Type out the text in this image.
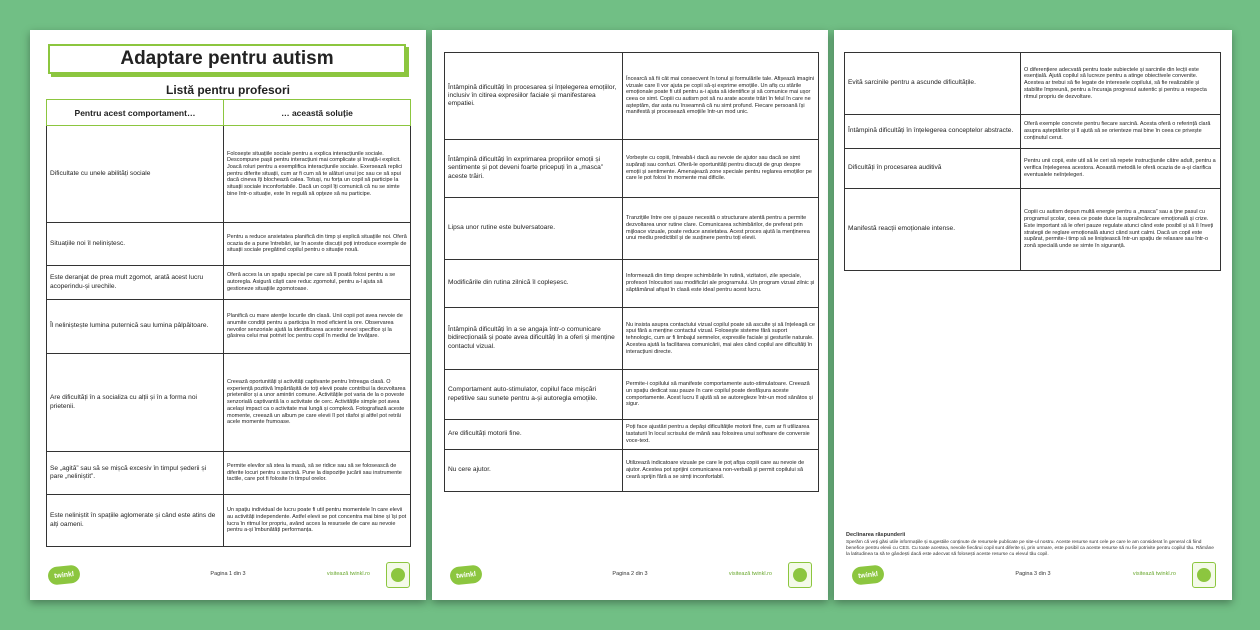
Adaptare pentru autism
Listă pentru profesori
Pentru acest comportament…	… această soluție
Dificultate cu unele abilități sociale	Folosește situațiile sociale pentru a explica interacțiunile sociale. Descompune pașii pentru interacțiuni mai complicate și învață-i explicit. Joacă roluri pentru a exemplifica interacțiunile sociale. Exersează replici pentru diferite situații, cum ar fi cum să te alături unui joc sau ce să spui dacă cineva îți blochează calea. Totuși, nu forța un copil să participe la situații sociale inconfortabile. Dacă un copil îți comunică că nu se simte bine într-o situație, este în regulă să opțeze să nu participe.
Situațiile noi îl neliniștesc.	Pentru a reduce anxietatea planifică din timp și explică situațiile noi. Oferă ocazia de a pune întrebări, iar în aceste discuții poți introduce exemple de situații sociale pregătind copilul pentru o situație nouă.
Este deranjat de prea mult zgomot, arată acest lucru acoperindu-și urechile.	Oferă acces la un spațiu special pe care să îl poată folosi pentru a se autoregla. Asigură căști care reduc zgomotul, pentru a-l ajuta să gestioneze situațiile zgomotoase.
Îl neliniștește lumina puternică sau lumina pâlpâitoare.	Planifică cu mare atenție locurile din clasă. Unii copii pot avea nevoie de anumite condiții pentru a participa în mod eficient la ore. Observarea nevoilor senzoriale ajută la identificarea acestor nevoi specifice și la găsirea celui mai potrivit loc pentru copil în mediul de învățare.
Are dificultăți în a socializa cu alții și în a forma noi prietenii.	Creează oportunități și activități captivante pentru întreaga clasă. O experiență pozitivă împărtășită de toți elevii poate contribui la dezvoltarea prieteniilor și a unor amintiri comune. Activitățile pot varia de la o poveste senzorială captivantă la o activitate de cerc. Activitățile simple pot avea același impact ca o activitate mai lungă și complexă. Fotografiază aceste momente, creează un album pe care elevii îl pot răsfoi și altfel pot retrăi acele momente frumoase.
Se „agită” sau să se mișcă excesiv în timpul șederii și pare „neliniștit”.	Permite elevilor să stea la masă, să se ridice sau să se folosească de diferite locuri pentru o sarcină. Pune la dispoziție jucării sau instrumente tactile, care pot fi folosite în timpul orelor.
Este neliniștit în spațiile aglomerate și când este atins de alți oameni.	Un spațiu individual de lucru poate fi util pentru momentele în care elevii au activități independente. Astfel elevii se pot concentra mai bine și își pot lucra în ritmul lor propriu, având acces la resursele de care au nevoie pentru a-și îmbunătăți performanța.
twinkl	Pagina 1 din 3	visitează twinkl.ro
Întâmpină dificultăți în procesarea și înțelegerea emoțiilor, inclusiv în citirea expresiilor faciale și manifestarea empatiei.	Încearcă să fii cât mai consecvent în tonul și formulările tale. Afișează imagini vizuale care îi vor ajuta pe copii să-și exprime emoțiile. Un afiș cu stările emoționale poate fi util pentru a-i ajuta să identifice și să comunice mai ușor ceea ce simt. Copiii cu autism pot să nu arate aceste trăiri în felul în care ne așteptăm, dar asta nu înseamnă că nu simt profund. Fiecare persoană își manifestă și procesează emoțiile într-un mod unic.
Întâmpină dificultăți în exprimarea propriilor emoții și sentimente și pot deveni foarte pricepuți în a „masca” aceste trăiri.	Vorbește cu copiii, întreabă-i dacă au nevoie de ajutor sau dacă se simt supărați sau confuzi. Oferă-le oportunități pentru discuții de grup despre emoții și sentimente. Amenajează zone speciale pentru reglarea emoțiilor pe care le pot folosi în momente mai dificile.
Lipsa unor rutine este bulversatoare.	Tranzițiile între ore și pauze necesită o structurare atentă pentru a permite dezvoltarea unor rutine clare. Comunicarea schimbărilor, de preferat prin mijloace vizuale, poate reduce anxietatea. Acest proces ajută la menținerea unui mediu predictibil și de susținere pentru toți elevii.
Modificările din rutina zilnică îl copleșesc.	Informează din timp despre schimbările în rutină, vizitatori, zile speciale, profesori înlocuitori sau modificări ale programului. Un program vizual zilnic și săptămânal afișat în clasă este ideal pentru acest lucru.
Întâmpină dificultăți în a se angaja într-o comunicare bidirecțională și poate avea dificultăți în a oferi și menține contactul vizual.	Nu insista asupra contactului vizual copilul poate să asculte și să înțeleagă ce spui fără a menține contactul vizual. Folosește sisteme fără suport tehnologic, cum ar fi limbajul semnelor, expresiile faciale și gesturile naturale. Acestea ajută la facilitarea comunicării, mai ales când copilul are dificultăți în interacțiuni directe.
Comportament auto-stimulator, copilul face mișcări repetitive sau sunete pentru a-și autoregla emoțiile.	Permite-i copilului să manifeste comportamente auto-stimulatoare. Creează un spațiu dedicat sau pauze în care copilul poate desfășura aceste comportamente. Acest lucru îl ajută să se autoregleze într-un mod sănătos și sigur.
Are dificultăți motorii fine.	Poți face ajustări pentru a depăși dificultățile motorii fine, cum ar fi utilizarea tastaturii în locul scrisului de mână sau folosirea unui software de conversie voce-text.
Nu cere ajutor.	Utilizează indicatoare vizuale pe care le poț afișa copiii care au nevoie de ajutor. Acestea pot sprijini comunicarea non-verbală și permit copilului să ceară sprijin fără a se simți inconfortabil.
twinkl	Pagina 2 din 3	visitează twinkl.ro
Evită sarcinile pentru a ascunde dificultățile.	O diferențiere adecvată pentru toate subiectele și sarcinile din lecții este esențială. Ajută copilul să lucreze pentru a atinge obiectivele convenite. Acestea ar trebui să fie legate de interesele copilului, să fie realizabile și stabilite împreună, pentru a încuraja progresul autentic și pentru a respecta ritmul propriu de dezvoltare.
Întâmpină dificultăți în înțelegerea conceptelor abstracte.	Oferă exemple concrete pentru fiecare sarcină. Acesta oferă o referință clară asupra așteptărilor și îl ajută să se orienteze mai bine în ceea ce privește conținutul cerut.
Dificultăți în procesarea auditivă	Pentru unii copii, este util să le ceri să repete instrucțiunile către adult, pentru a verifica înțelegerea acestora. Această metodă le oferă ocazia de a-și clarifica eventualele neînțelegeri.
Manifestă reacții emoționale intense.	Copiii cu autism depun multă energie pentru a „masca” sau a ține pasul cu programul școlar, ceea ce poate duce la supraîncărcare emoțională și crize. Este important să le oferi pauze regulate atunci când este posibil și să îi înveți strategii de reglare emoțională atunci când sunt calmi. Dacă un copil este supărat, permite-i timp să se liniștească într-un spațiu de relaxare sau într-o zonă specială unde se simte în siguranță.
Declinarea răspunderii
Sperăm că veți găsi utile informațiile și sugestiile conținute de resursele publicate pe site-ul nostru. Aceste resurse sunt cele pe care le am considerat în general că fiind benefice pentru elevii cu CES. Cu toate acestea, nevoile fiecărui copil sunt diferite și, prin urmare, este posibil ca aceste resurse să nu fie potrivite pentru copilul tău. Rămâne la latitudinea ta să te gândești dacă este adecvat să folosești aceste resurse cu elevul tău copil.
twinkl	Pagina 3 din 3	visitează twinkl.ro
